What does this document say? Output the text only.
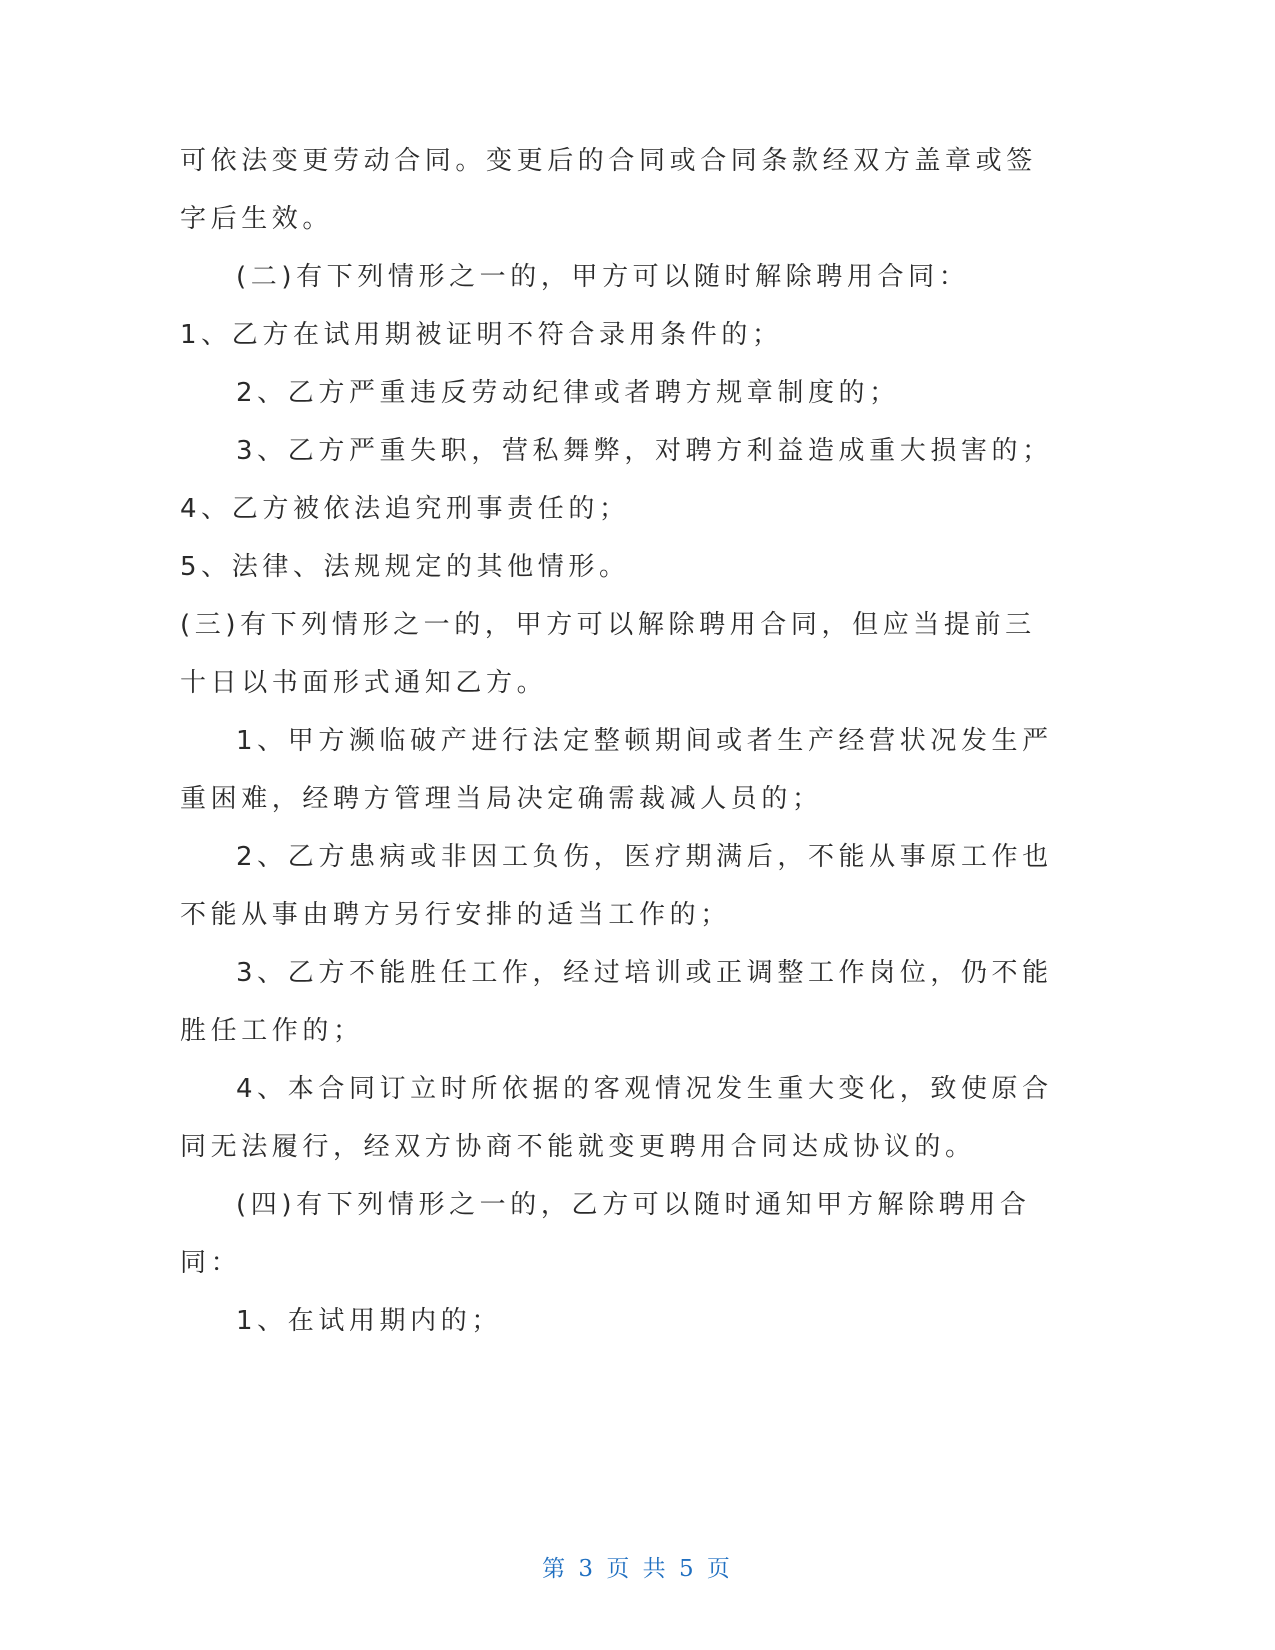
可依法变更劳动合同。变更后的合同或合同条款经双方盖章或签
字后生效。
(二)有下列情形之一的，甲方可以随时解除聘用合同：
1、乙方在试用期被证明不符合录用条件的；
2、乙方严重违反劳动纪律或者聘方规章制度的；
3、乙方严重失职，营私舞弊，对聘方利益造成重大损害的；
4、乙方被依法追究刑事责任的；
5、法律、法规规定的其他情形。
(三)有下列情形之一的，甲方可以解除聘用合同，但应当提前三
十日以书面形式通知乙方。
1、甲方濒临破产进行法定整顿期间或者生产经营状况发生严
重困难，经聘方管理当局决定确需裁减人员的；
2、乙方患病或非因工负伤，医疗期满后，不能从事原工作也
不能从事由聘方另行安排的适当工作的；
3、乙方不能胜任工作，经过培训或正调整工作岗位，仍不能
胜任工作的；
4、本合同订立时所依据的客观情况发生重大变化，致使原合
同无法履行，经双方协商不能就变更聘用合同达成协议的。
(四)有下列情形之一的，乙方可以随时通知甲方解除聘用合
同：
1、在试用期内的；
第 3 页 共 5 页
